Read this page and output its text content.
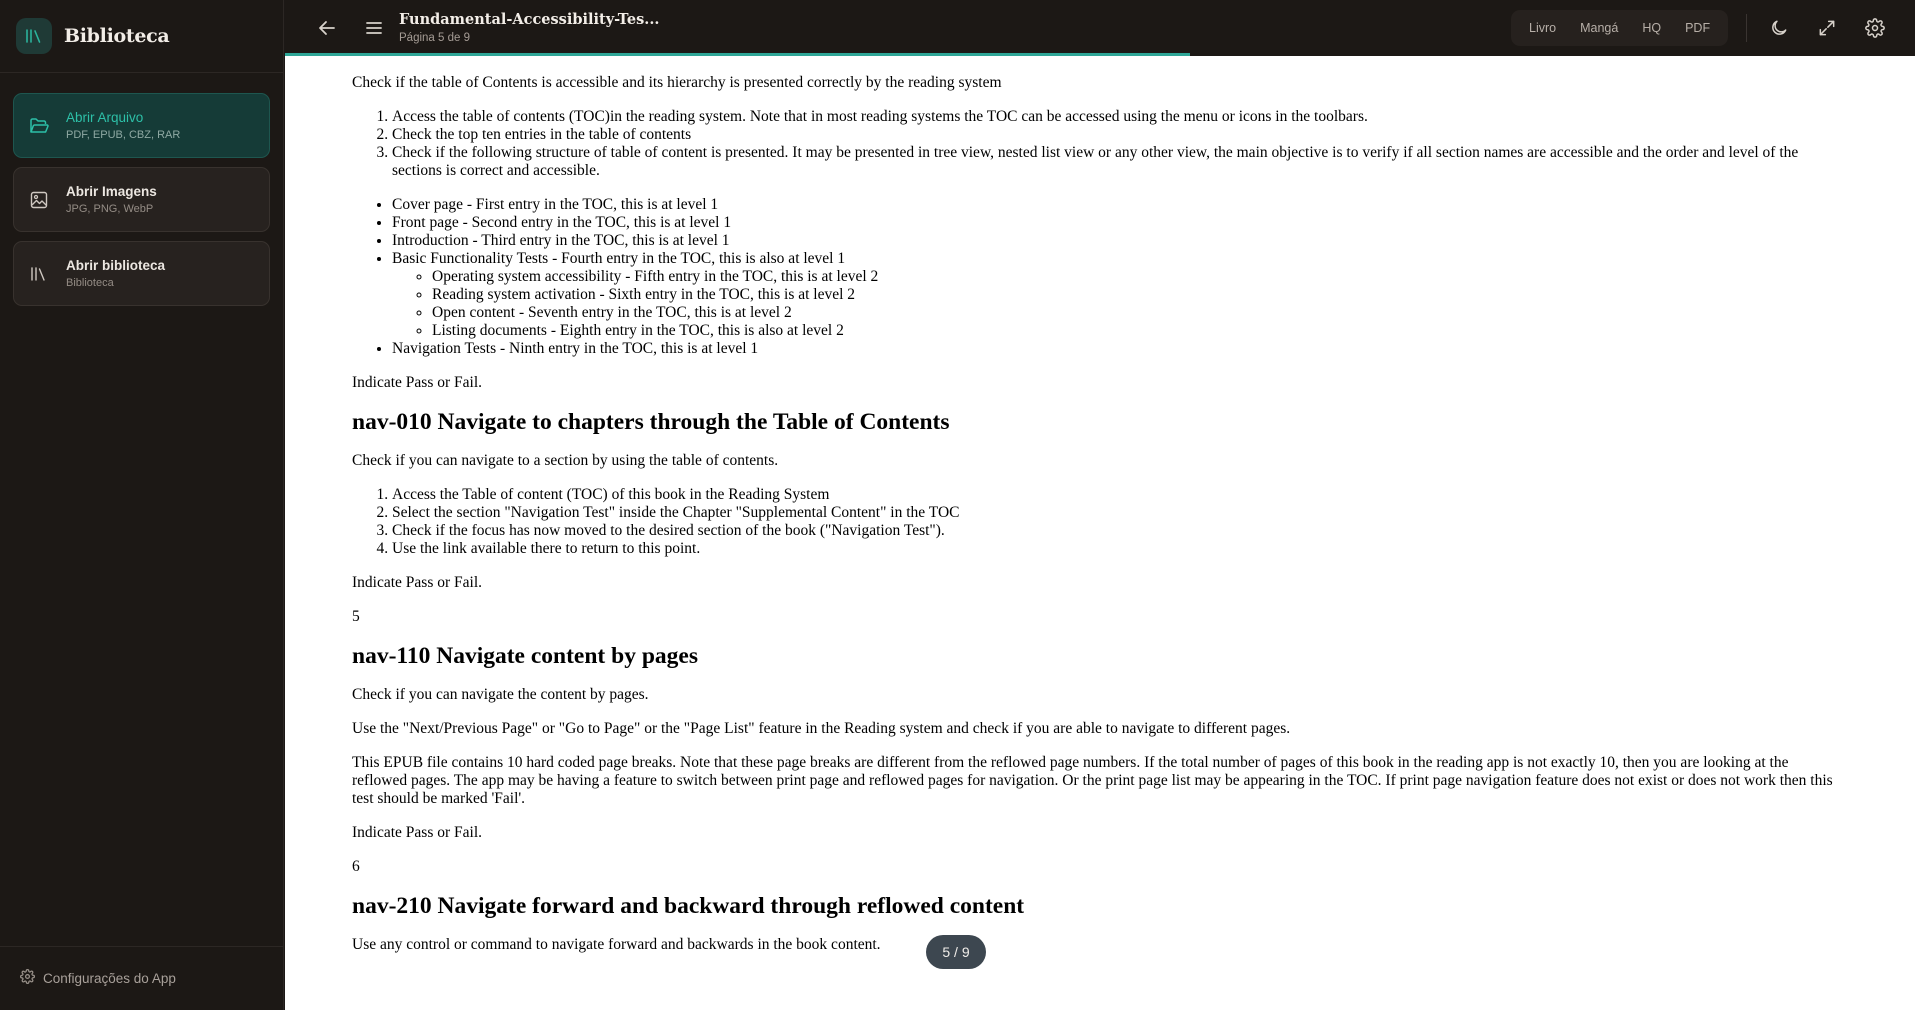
Biblioteca
Abrir Arquivo
PDF, EPUB, CBZ, RAR
Abrir Imagens
JPG, PNG, WebP
Abrir biblioteca
Biblioteca
Configurações do App
Fundamental-Accessibility-Tes...
Página 5 de 9
Livro	Mangá	HQ	PDF

Check if the table of Contents is accessible and its hierarchy is presented correctly by the reading system

1. Access the table of contents (TOC)in the reading system. Note that in most reading systems the TOC can be accessed using the menu or icons in the toolbars.
2. Check the top ten entries in the table of contents
3. Check if the following structure of table of content is presented. It may be presented in tree view, nested list view or any other view, the main objective is to verify if all section names are accessible and the order and level of the sections is correct and accessible.
• Cover page - First entry in the TOC, this is at level 1
• Front page - Second entry in the TOC, this is at level 1
• Introduction - Third entry in the TOC, this is at level 1
• Basic Functionality Tests - Fourth entry in the TOC, this is also at level 1
◦ Operating system accessibility - Fifth entry in the TOC, this is at level 2
◦ Reading system activation - Sixth entry in the TOC, this is at level 2
◦ Open content - Seventh entry in the TOC, this is at level 2
◦ Listing documents - Eighth entry in the TOC, this is also at level 2
• Navigation Tests - Ninth entry in the TOC, this is at level 1

Indicate Pass or Fail.

nav-010 Navigate to chapters through the Table of Contents

Check if you can navigate to a section by using the table of contents.

1. Access the Table of content (TOC) of this book in the Reading System
2. Select the section "Navigation Test" inside the Chapter "Supplemental Content" in the TOC
3. Check if the focus has now moved to the desired section of the book ("Navigation Test").
4. Use the link available there to return to this point.

Indicate Pass or Fail.

5

nav-110 Navigate content by pages

Check if you can navigate the content by pages.

Use the "Next/Previous Page" or "Go to Page" or the "Page List" feature in the Reading system and check if you are able to navigate to different pages.

This EPUB file contains 10 hard coded page breaks. Note that these page breaks are different from the reflowed page numbers. If the total number of pages of this book in the reading app is not exactly 10, then you are looking at the reflowed pages. The app may be having a feature to switch between print page and reflowed pages for navigation. Or the print page list may be appearing in the TOC. If print page navigation feature does not exist or does not work then this test should be marked 'Fail'.

Indicate Pass or Fail.

6

nav-210 Navigate forward and backward through reflowed content

Use any control or command to navigate forward and backwards in the book content.	5 / 9
